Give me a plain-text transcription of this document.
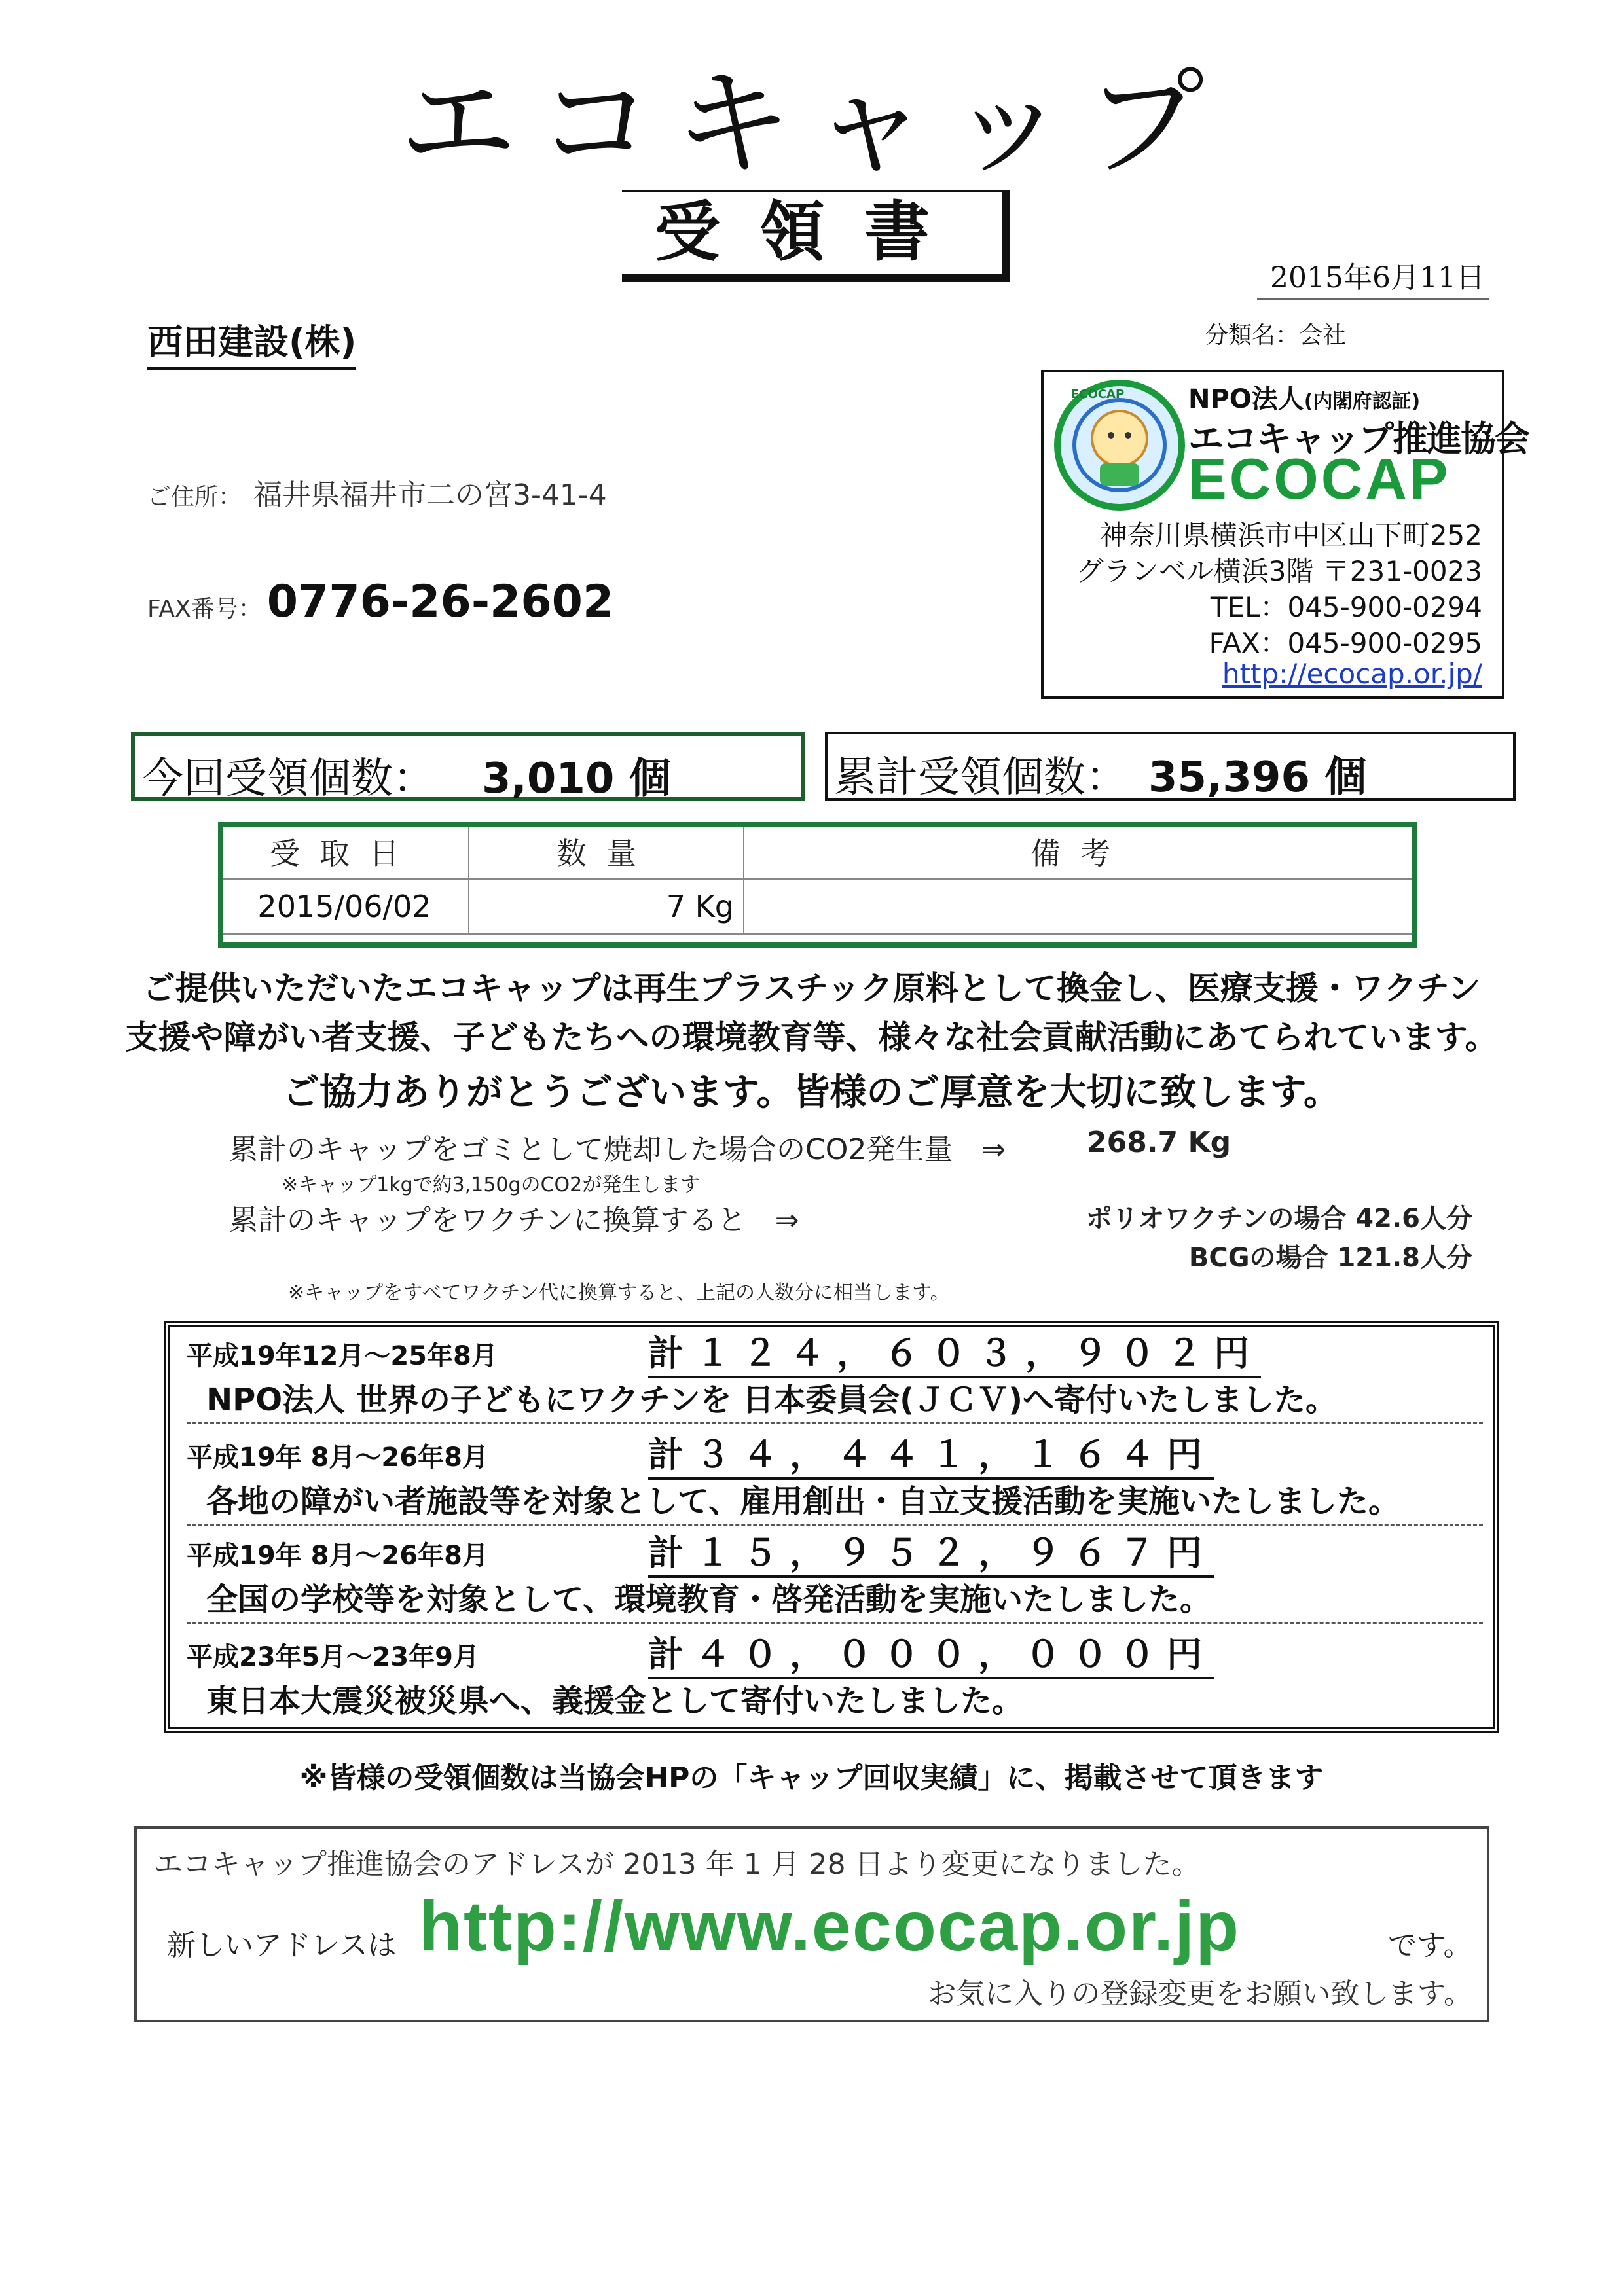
エコキャップ
受領書
2015年6月11日
西田建設(株)	分類名：会社
ご住所： 福井県福井市二の宮3-41-4
FAX番号： 0776-26-2602
ECOCAP NPO法人(内閣府認証)
エコキャップ推進協会
ECOCAP
神奈川県横浜市中区山下町252
グランベル横浜3階 〒231-0023
TEL：045-900-0294
FAX：045-900-0295
http://ecocap.or.jp/
今回受領個数： 3,010 個	累計受領個数： 35,396 個
受取日	数量	備考
2015/06/02	7 Kg	
ご提供いただいたエコキャップは再生プラスチック原料として換金し、医療支援・ワクチン
支援や障がい者支援、子どもたちへの環境教育等、様々な社会貢献活動にあてられています。
ご協力ありがとうございます。皆様のご厚意を大切に致します。
累計のキャップをゴミとして焼却した場合のCO2発生量　⇒	268.7 Kg
※キャップ1kgで約3,150gのCO2が発生します
累計のキャップをワクチンに換算すると　⇒	ポリオワクチンの場合 42.6人分
BCGの場合 121.8人分
※キャップをすべてワクチン代に換算すると、上記の人数分に相当します。
平成19年12月～25年8月	計１２４，６０３，９０２円
NPO法人 世界の子どもにワクチンを 日本委員会(ＪＣＶ)へ寄付いたしました。
平成19年 8月～26年8月	計３４，４４１，１６４円
各地の障がい者施設等を対象として、雇用創出・自立支援活動を実施いたしました。
平成19年 8月～26年8月	計１５，９５２，９６７円
全国の学校等を対象として、環境教育・啓発活動を実施いたしました。
平成23年5月～23年9月	計４０，０００，０００円
東日本大震災被災県へ、義援金として寄付いたしました。
※皆様の受領個数は当協会HPの「キャップ回収実績」に、掲載させて頂きます
エコキャップ推進協会のアドレスが 2013 年 1 月 28 日より変更になりました。
新しいアドレスは http://www.ecocap.or.jp	です。
お気に入りの登録変更をお願い致します。
